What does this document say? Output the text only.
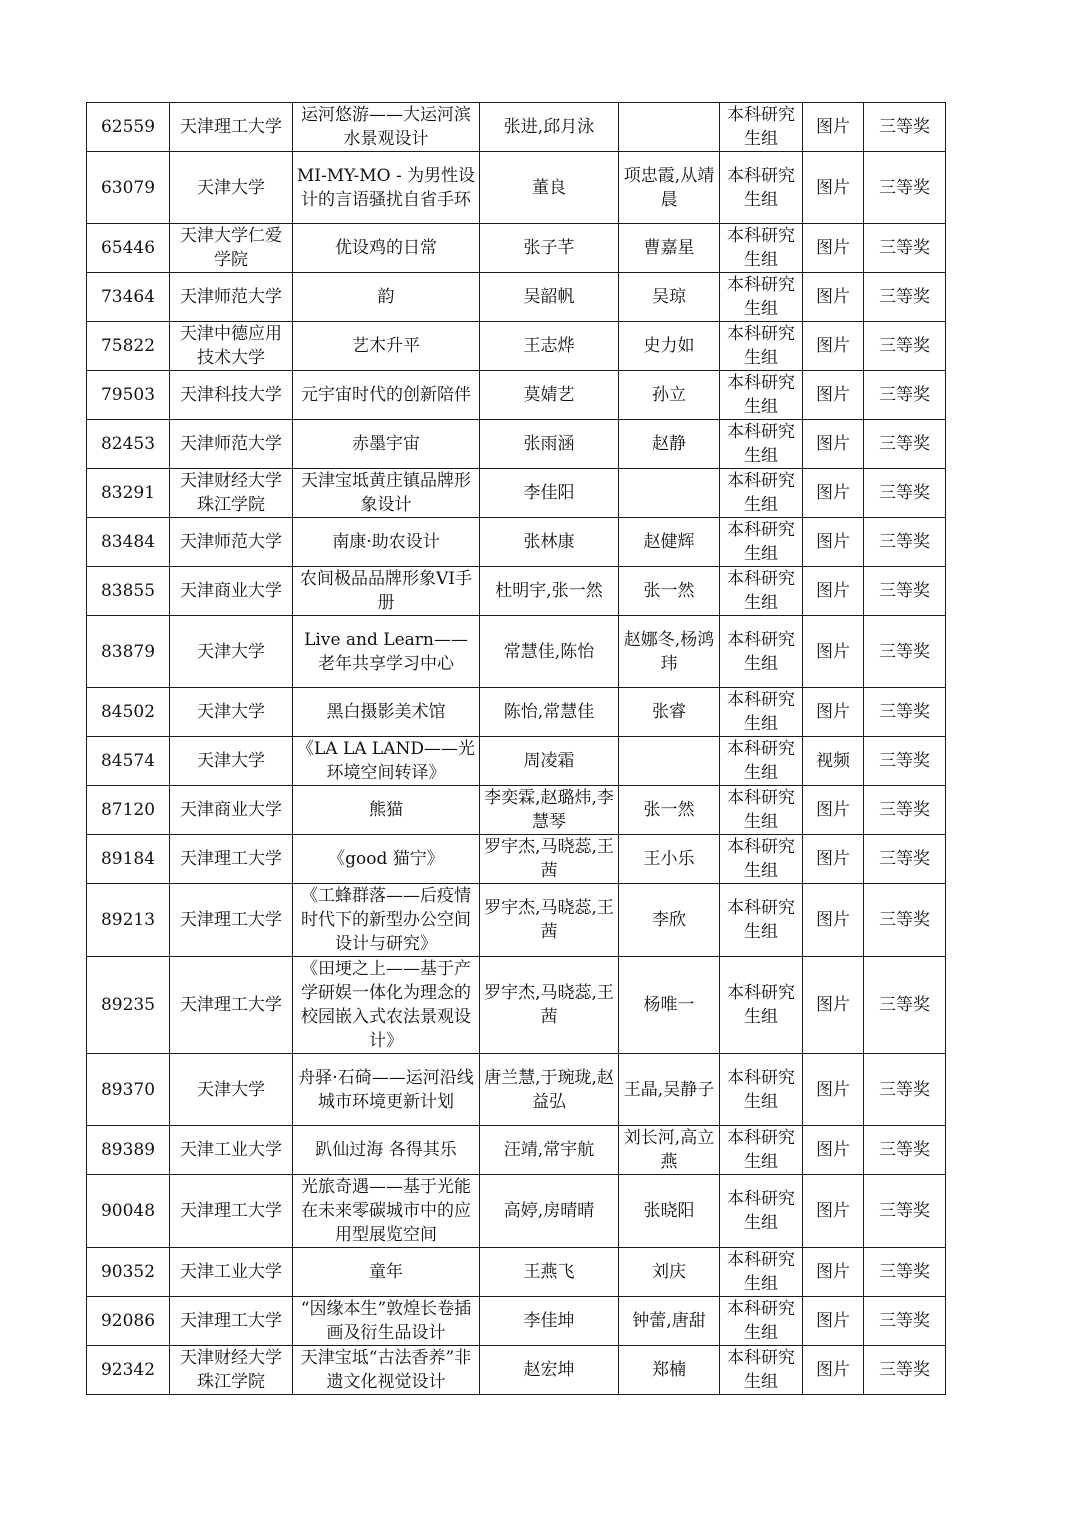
62559	天津理工大学	运河悠游——大运河滨水景观设计	张进,邱月泳		本科研究生组	图片	三等奖
63079	天津大学	MI-MY-MO - 为男性设计的言语骚扰自省手环	董良	项忠霞,从靖晨	本科研究生组	图片	三等奖
65446	天津大学仁爱学院	优设鸡的日常	张子芊	曹嘉星	本科研究生组	图片	三等奖
73464	天津师范大学	韵	吴韶帆	吴琼	本科研究生组	图片	三等奖
75822	天津中德应用技术大学	艺木升平	王志烨	史力如	本科研究生组	图片	三等奖
79503	天津科技大学	元宇宙时代的创新陪伴	莫婧艺	孙立	本科研究生组	图片	三等奖
82453	天津师范大学	赤墨宇宙	张雨涵	赵静	本科研究生组	图片	三等奖
83291	天津财经大学珠江学院	天津宝坻黄庄镇品牌形象设计	李佳阳		本科研究生组	图片	三等奖
83484	天津师范大学	南康·助农设计	张林康	赵健辉	本科研究生组	图片	三等奖
83855	天津商业大学	农间极品品牌形象VI手册	杜明宇,张一然	张一然	本科研究生组	图片	三等奖
83879	天津大学	Live and Learn——老年共享学习中心	常慧佳,陈怡	赵娜冬,杨鸿玮	本科研究生组	图片	三等奖
84502	天津大学	黑白摄影美术馆	陈怡,常慧佳	张睿	本科研究生组	图片	三等奖
84574	天津大学	《LA LA LAND——光环境空间转译》	周凌霜		本科研究生组	视频	三等奖
87120	天津商业大学	熊猫	李奕霖,赵璐炜,李慧琴	张一然	本科研究生组	图片	三等奖
89184	天津理工大学	《good 猫宁》	罗宇杰,马晓蕊,王茜	王小乐	本科研究生组	图片	三等奖
89213	天津理工大学	《工蜂群落——后疫情时代下的新型办公空间设计与研究》	罗宇杰,马晓蕊,王茜	李欣	本科研究生组	图片	三等奖
89235	天津理工大学	《田埂之上——基于产学研娱一体化为理念的校园嵌入式农法景观设计》	罗宇杰,马晓蕊,王茜	杨唯一	本科研究生组	图片	三等奖
89370	天津大学	舟驿·石碕——运河沿线城市环境更新计划	唐兰慧,于琬珑,赵益弘	王晶,吴静子	本科研究生组	图片	三等奖
89389	天津工业大学	趴仙过海 各得其乐	汪靖,常宇航	刘长河,高立燕	本科研究生组	图片	三等奖
90048	天津理工大学	光旅奇遇——基于光能在未来零碳城市中的应用型展览空间	高婷,房晴晴	张晓阳	本科研究生组	图片	三等奖
90352	天津工业大学	童年	王燕飞	刘庆	本科研究生组	图片	三等奖
92086	天津理工大学	“因缘本生”敦煌长卷插画及衍生品设计	李佳坤	钟蕾,唐甜	本科研究生组	图片	三等奖
92342	天津财经大学珠江学院	天津宝坻“古法香养”非遗文化视觉设计	赵宏坤	郑楠	本科研究生组	图片	三等奖
